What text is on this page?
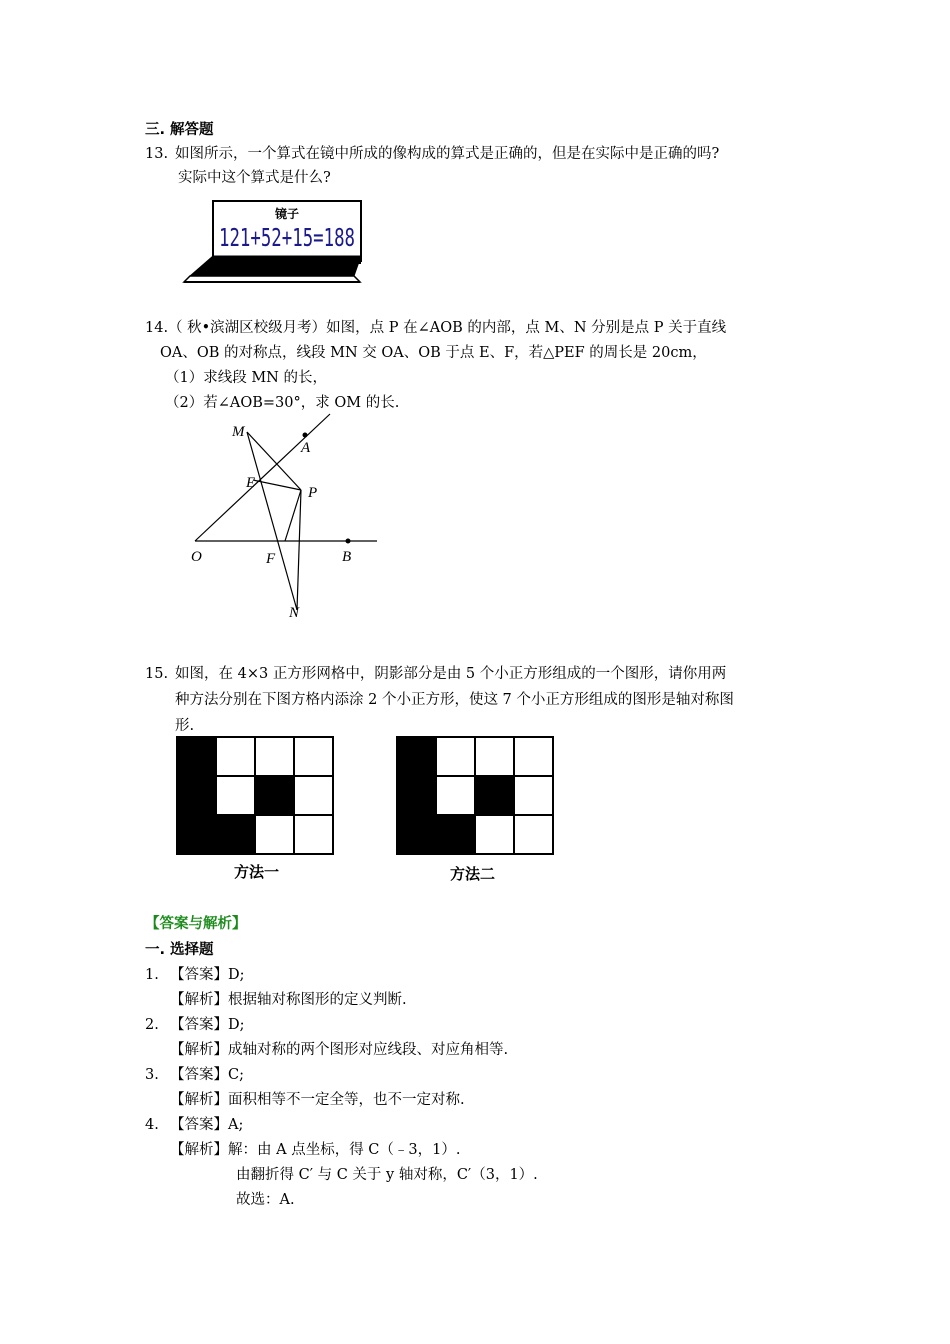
三. 解答题
13. 如图所示，一个算式在镜中所成的像构成的算式是正确的，但是在实际中是正确的吗?
实际中这个算式是什么?
镜子
121+52+15=188
14. （ 秋•滨湖区校级月考）如图，点 P 在∠AOB 的内部，点 M、N 分别是点 P 关于直线
OA、OB 的对称点，线段 MN 交 OA、OB 于点 E、F，若△PEF 的周长是 20cm，
（1）求线段 MN 的长，
（2）若∠AOB=30°，求 OM 的长.
M
A
E
P
O	F	B
N
15. 如图，在 4×3 正方形网格中，阴影部分是由 5 个小正方形组成的一个图形，请你用两
种方法分别在下图方格内添涂 2 个小正方形，使这 7 个小正方形组成的图形是轴对称图
形.
方法一	方法二
【答案与解析】
一. 选择题
1. 【答案】D;
【解析】根据轴对称图形的定义判断.
2. 【答案】D;
【解析】成轴对称的两个图形对应线段、对应角相等.
3. 【答案】C;
【解析】面积相等不一定全等，也不一定对称.
4. 【答案】A;
【解析】解：由 A 点坐标，得 C（﹣3，1）.
由翻折得 C′ 与 C 关于 y 轴对称，C′（3，1）.
故选：A.
